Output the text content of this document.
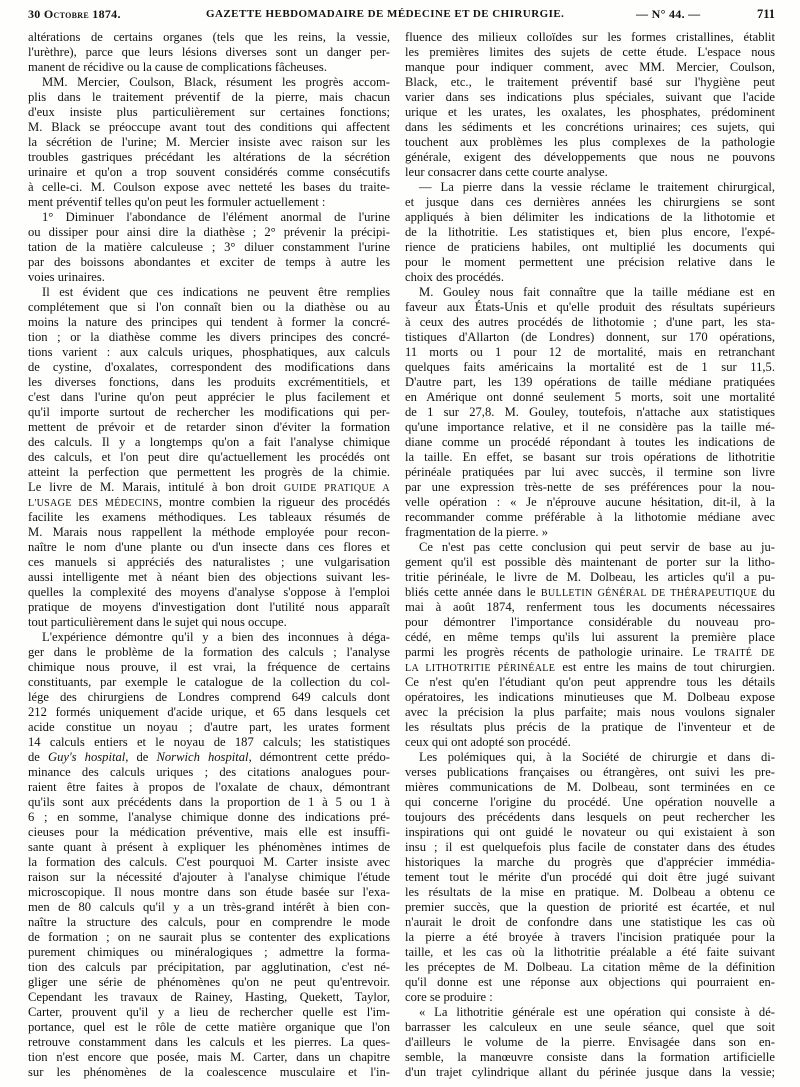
30 Octobre 1874.	GAZETTE HEBDOMADAIRE DE MÉDECINE ET DE CHIRURGIE.	— N° 44. —	711
altérations de certains organes (tels que les reins, la vessie,
l'urèthre), parce que leurs lésions diverses sont un danger per-
manent de récidive ou la cause de complications fâcheuses.
MM. Mercier, Coulson, Black, résument les progrès accom-
plis dans le traitement préventif de la pierre, mais chacun
d'eux insiste plus particulièrement sur certaines fonctions;
M. Black se préoccupe avant tout des conditions qui affectent
la sécrétion de l'urine; M. Mercier insiste avec raison sur les
troubles gastriques précédant les altérations de la sécrétion
urinaire et qu'on a trop souvent considérés comme consécutifs
à celle-ci. M. Coulson expose avec netteté les bases du traite-
ment préventif telles qu'on peut les formuler actuellement :
1° Diminuer l'abondance de l'élément anormal de l'urine
ou dissiper pour ainsi dire la diathèse ; 2° prévenir la précipi-
tation de la matière calculeuse ; 3° diluer constamment l'urine
par des boissons abondantes et exciter de temps à autre les
voies urinaires.
Il est évident que ces indications ne peuvent être remplies
complétement que si l'on connaît bien ou la diathèse ou au
moins la nature des principes qui tendent à former la concré-
tion ; or la diathèse comme les divers principes des concré-
tions varient : aux calculs uriques, phosphatiques, aux calculs
de cystine, d'oxalates, correspondent des modifications dans
les diverses fonctions, dans les produits excrémentitiels, et
c'est dans l'urine qu'on peut apprécier le plus facilement et
qu'il importe surtout de rechercher les modifications qui per-
mettent de prévoir et de retarder sinon d'éviter la formation
des calculs. Il y a longtemps qu'on a fait l'analyse chimique
des calculs, et l'on peut dire qu'actuellement les procédés ont
atteint la perfection que permettent les progrès de la chimie.
Le livre de M. Marais, intitulé à bon droit GUIDE PRATIQUE A
L'USAGE DES MÉDECINS, montre combien la rigueur des procédés
facilite les examens méthodiques. Les tableaux résumés de
M. Marais nous rappellent la méthode employée pour recon-
naître le nom d'une plante ou d'un insecte dans ces flores et
ces manuels si appréciés des naturalistes ; une vulgarisation
aussi intelligente met à néant bien des objections suivant les-
quelles la complexité des moyens d'analyse s'oppose à l'emploi
pratique de moyens d'investigation dont l'utilité nous apparaît
tout particulièrement dans le sujet qui nous occupe.
L'expérience démontre qu'il y a bien des inconnues à déga-
ger dans le problème de la formation des calculs ; l'analyse
chimique nous prouve, il est vrai, la fréquence de certains
constituants, par exemple le catalogue de la collection du col-
lége des chirurgiens de Londres comprend 649 calculs dont
212 formés uniquement d'acide urique, et 65 dans lesquels cet
acide constitue un noyau ; d'autre part, les urates forment
14 calculs entiers et le noyau de 187 calculs; les statistiques
de Guy's hospital, de Norwich hospital, démontrent cette prédo-
minance des calculs uriques ; des citations analogues pour-
raient être faites à propos de l'oxalate de chaux, démontrant
qu'ils sont aux précédents dans la proportion de 1 à 5 ou 1 à
6 ; en somme, l'analyse chimique donne des indications pré-
cieuses pour la médication préventive, mais elle est insuffi-
sante quant à présent à expliquer les phénomènes intimes de
la formation des calculs. C'est pourquoi M. Carter insiste avec
raison sur la nécessité d'ajouter à l'analyse chimique l'étude
microscopique. Il nous montre dans son étude basée sur l'exa-
men de 80 calculs qu'il y a un très-grand intérêt à bien con-
naître la structure des calculs, pour en comprendre le mode
de formation ; on ne saurait plus se contenter des explications
purement chimiques ou minéralogiques ; admettre la forma-
tion des calculs par précipitation, par agglutination, c'est né-
gliger une série de phénomènes qu'on ne peut qu'entrevoir.
Cependant les travaux de Rainey, Hasting, Quekett, Taylor,
Carter, prouvent qu'il y a lieu de rechercher quelle est l'im-
portance, quel est le rôle de cette matière organique que l'on
retrouve constamment dans les calculs et les pierres. La ques-
tion n'est encore que posée, mais M. Carter, dans un chapitre
sur les phénomènes de la coalescence musculaire et l'in-
fluence des milieux colloïdes sur les formes cristallines, établit
les premières limites des sujets de cette étude. L'espace nous
manque pour indiquer comment, avec MM. Mercier, Coulson,
Black, etc., le traitement préventif basé sur l'hygiène peut
varier dans ses indications plus spéciales, suivant que l'acide
urique et les urates, les oxalates, les phosphates, prédominent
dans les sédiments et les concrétions urinaires; ces sujets, qui
touchent aux problèmes les plus complexes de la pathologie
générale, exigent des développements que nous ne pouvons
leur consacrer dans cette courte analyse.
— La pierre dans la vessie réclame le traitement chirurgical,
et jusque dans ces dernières années les chirurgiens se sont
appliqués à bien délimiter les indications de la lithotomie et
de la lithotritie. Les statistiques et, bien plus encore, l'expé-
rience de praticiens habiles, ont multiplié les documents qui
pour le moment permettent une précision relative dans le
choix des procédés.
M. Gouley nous fait connaître que la taille médiane est en
faveur aux États-Unis et qu'elle produit des résultats supérieurs
à ceux des autres procédés de lithotomie ; d'une part, les sta-
tistiques d'Allarton (de Londres) donnent, sur 170 opérations,
11 morts ou 1 pour 12 de mortalité, mais en retranchant
quelques faits américains la mortalité est de 1 sur 11,5.
D'autre part, les 139 opérations de taille médiane pratiquées
en Amérique ont donné seulement 5 morts, soit une mortalité
de 1 sur 27,8. M. Gouley, toutefois, n'attache aux statistiques
qu'une importance relative, et il ne considère pas la taille mé-
diane comme un procédé répondant à toutes les indications de
la taille. En effet, se basant sur trois opérations de lithotritie
périnéale pratiquées par lui avec succès, il termine son livre
par une expression très-nette de ses préférences pour la nou-
velle opération : « Je n'éprouve aucune hésitation, dit-il, à la
recommander comme préférable à la lithotomie médiane avec
fragmentation de la pierre. »
Ce n'est pas cette conclusion qui peut servir de base au ju-
gement qu'il est possible dès maintenant de porter sur la litho-
tritie périnéale, le livre de M. Dolbeau, les articles qu'il a pu-
bliés cette année dans le BULLETIN GÉNÉRAL DE THÉRAPEUTIQUE du
mai à août 1874, renferment tous les documents nécessaires
pour démontrer l'importance considérable du nouveau pro-
cédé, en même temps qu'ils lui assurent la première place
parmi les progrès récents de pathologie urinaire. Le TRAITÉ DE
LA LITHOTRITIE PÉRINÉALE est entre les mains de tout chirurgien.
Ce n'est qu'en l'étudiant qu'on peut apprendre tous les détails
opératoires, les indications minutieuses que M. Dolbeau expose
avec la précision la plus parfaite; mais nous voulons signaler
les résultats plus précis de la pratique de l'inventeur et de
ceux qui ont adopté son procédé.
Les polémiques qui, à la Société de chirurgie et dans di-
verses publications françaises ou étrangères, ont suivi les pre-
mières communications de M. Dolbeau, sont terminées en ce
qui concerne l'origine du procédé. Une opération nouvelle a
toujours des précédents dans lesquels on peut rechercher les
inspirations qui ont guidé le novateur ou qui existaient à son
insu ; il est quelquefois plus facile de constater dans des études
historiques la marche du progrès que d'apprécier immédia-
tement tout le mérite d'un procédé qui doit être jugé suivant
les résultats de la mise en pratique. M. Dolbeau a obtenu ce
premier succès, que la question de priorité est écartée, et nul
n'aurait le droit de confondre dans une statistique les cas où
la pierre a été broyée à travers l'incision pratiquée pour la
taille, et les cas où la lithotritie préalable a été faite suivant
les préceptes de M. Dolbeau. La citation même de la définition
qu'il donne est une réponse aux objections qui pourraient en-
core se produire :
« La lithotritie générale est une opération qui consiste à dé-
barrasser les calculeux en une seule séance, quel que soit
d'ailleurs le volume de la pierre. Envisagée dans son en-
semble, la manœuvre consiste dans la formation artificielle
d'un trajet cylindrique allant du périnée jusque dans la vessie;
